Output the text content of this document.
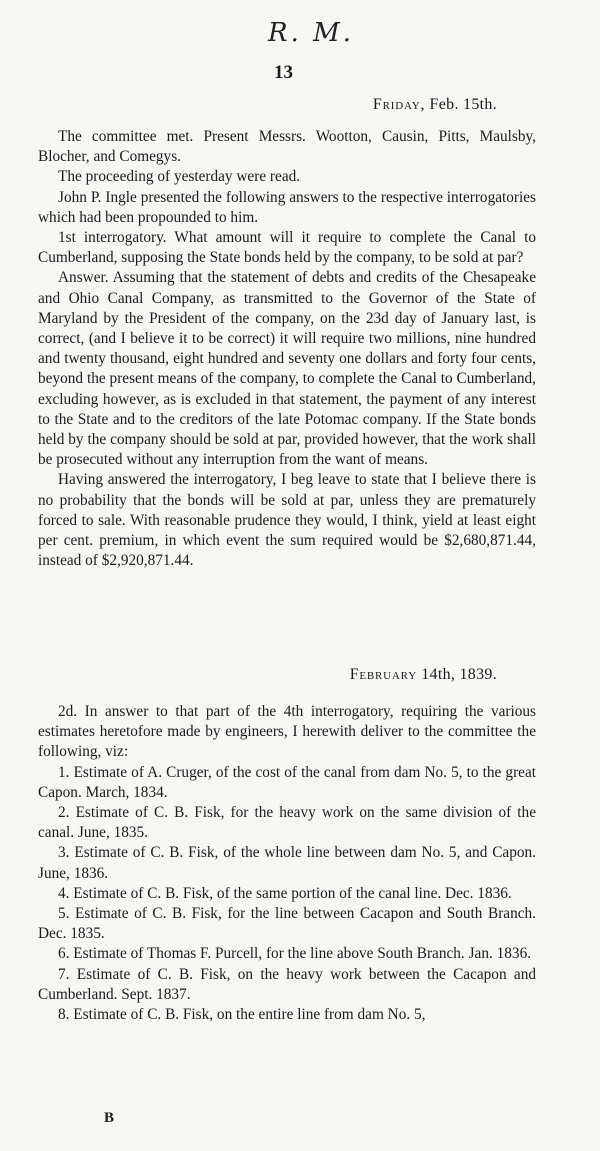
R. M.
13
Friday, Feb. 15th.

The committee met. Present Messrs. Wootton, Causin, Pitts, Maulsby, Blocher, and Comegys.

The proceeding of yesterday were read.

John P. Ingle presented the following answers to the respective interrogatories which had been propounded to him.

1st interrogatory. What amount will it require to complete the Canal to Cumberland, supposing the State bonds held by the company, to be sold at par?

Answer. Assuming that the statement of debts and credits of the Chesapeake and Ohio Canal Company, as transmitted to the Governor of the State of Maryland by the President of the company, on the 23d day of January last, is correct, (and I believe it to be correct) it will require two millions, nine hundred and twenty thousand, eight hundred and seventy one dollars and forty four cents, beyond the present means of the company, to complete the Canal to Cumberland, excluding however, as is excluded in that statement, the payment of any interest to the State and to the creditors of the late Potomac company. If the State bonds held by the company should be sold at par, provided however, that the work shall be prosecuted without any interruption from the want of means.

Having answered the interrogatory, I beg leave to state that I believe there is no probability that the bonds will be sold at par, unless they are prematurely forced to sale. With reasonable prudence they would, I think, yield at least eight per cent. premium, in which event the sum required would be $2,680,871.44, instead of $2,920,871.44.

February 14th, 1839.

2d. In answer to that part of the 4th interrogatory, requiring the various estimates heretofore made by engineers, I herewith deliver to the committee the following, viz:

1. Estimate of A. Cruger, of the cost of the canal from dam No. 5, to the great Capon. March, 1834.

2. Estimate of C. B. Fisk, for the heavy work on the same division of the canal. June, 1835.

3. Estimate of C. B. Fisk, of the whole line between dam No. 5, and Capon. June, 1836.

4. Estimate of C. B. Fisk, of the same portion of the canal line. Dec. 1836.

5. Estimate of C. B. Fisk, for the line between Cacapon and South Branch. Dec. 1835.

6. Estimate of Thomas F. Purcell, for the line above South Branch. Jan. 1836.

7. Estimate of C. B. Fisk, on the heavy work between the Cacapon and Cumberland. Sept. 1837.

8. Estimate of C. B. Fisk, on the entire line from dam No. 5,

B
